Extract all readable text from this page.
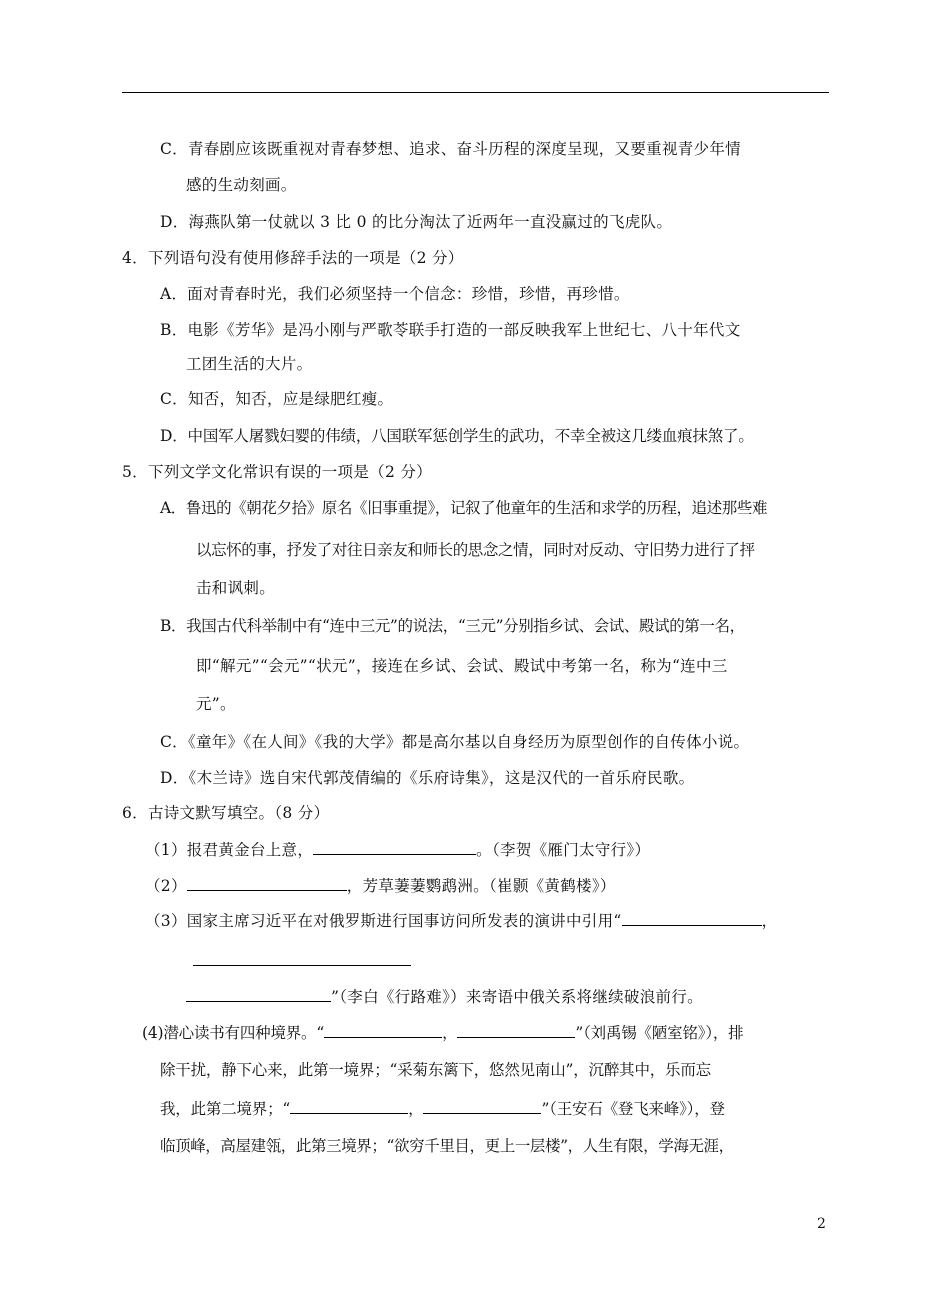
C．青春剧应该既重视对青春梦想、追求、奋斗历程的深度呈现，又要重视青少年情
感的生动刻画。
D．海燕队第一仗就以 3 比 0 的比分淘汰了近两年一直没赢过的飞虎队。
4．下列语句没有使用修辞手法的一项是（2 分）
A．面对青春时光，我们必须坚持一个信念：珍惜，珍惜，再珍惜。
B．电影《芳华》是冯小刚与严歌苓联手打造的一部反映我军上世纪七、八十年代文
工团生活的大片。
C．知否，知否，应是绿肥红瘦。
D．中国军人屠戮妇婴的伟绩，八国联军惩创学生的武功，不幸全被这几缕血痕抹煞了。
5．下列文学文化常识有误的一项是（2 分）
A．鲁迅的《朝花夕拾》原名《旧事重提》，记叙了他童年的生活和求学的历程，追述那些难
以忘怀的事，抒发了对往日亲友和师长的思念之情，同时对反动、守旧势力进行了抨
击和讽刺。
B．我国古代科举制中有“连中三元”的说法，“三元”分别指乡试、会试、殿试的第一名，
即“解元”“会元”“状元”，接连在乡试、会试、殿试中考第一名，称为“连中三
元”。
C．《童年》《在人间》《我的大学》都是高尔基以自身经历为原型创作的自传体小说。
D．《木兰诗》选自宋代郭茂倩编的《乐府诗集》，这是汉代的一首乐府民歌。
6．古诗文默写填空。（8 分）
（1）报君黄金台上意，	。（李贺《雁门太守行》）
（2）	，芳草萋萋鹦鹉洲。（崔颢《黄鹤楼》）
（3）国家主席习近平在对俄罗斯进行国事访问所发表的演讲中引用“	，
”（李白《行路难》）来寄语中俄关系将继续破浪前行。
(4)潜心读书有四种境界。“	，	”（刘禹锡《陋室铭》），排
除干扰，静下心来，此第一境界；“采菊东篱下，悠然见南山”，沉醉其中，乐而忘
我，此第二境界；“	，	”（王安石《登飞来峰》），登
临顶峰，高屋建瓴，此第三境界；“欲穷千里目，更上一层楼”，人生有限，学海无涯，
2
